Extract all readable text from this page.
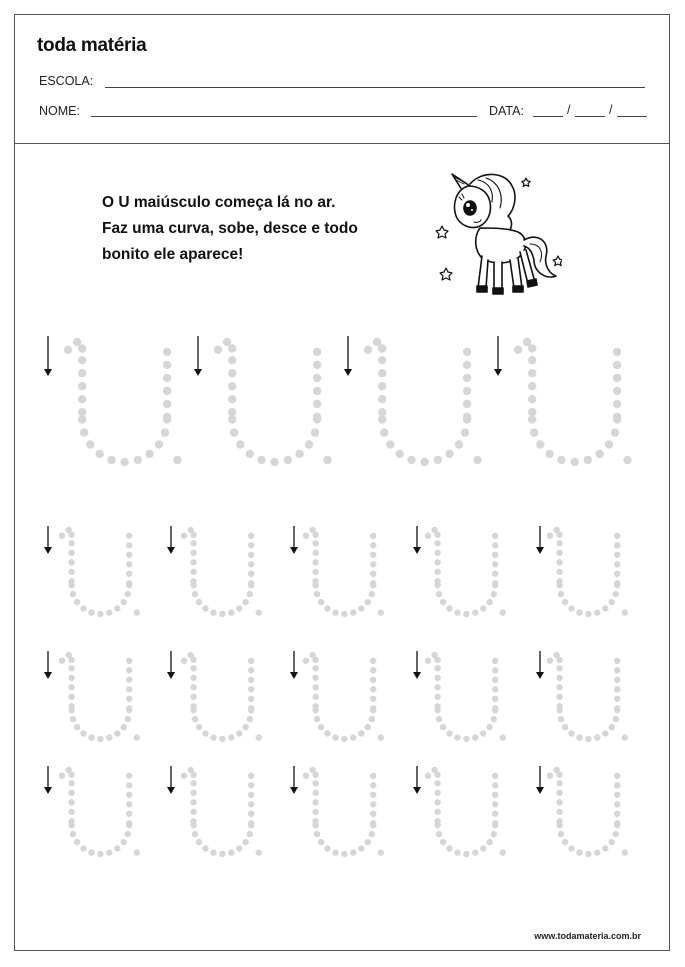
toda matéria
ESCOLA:
NOME:	DATA:	/	/
O U maiúsculo começa lá no ar.
Faz uma curva, sobe, desce e todo
bonito ele aparece!
www.todamateria.com.br
